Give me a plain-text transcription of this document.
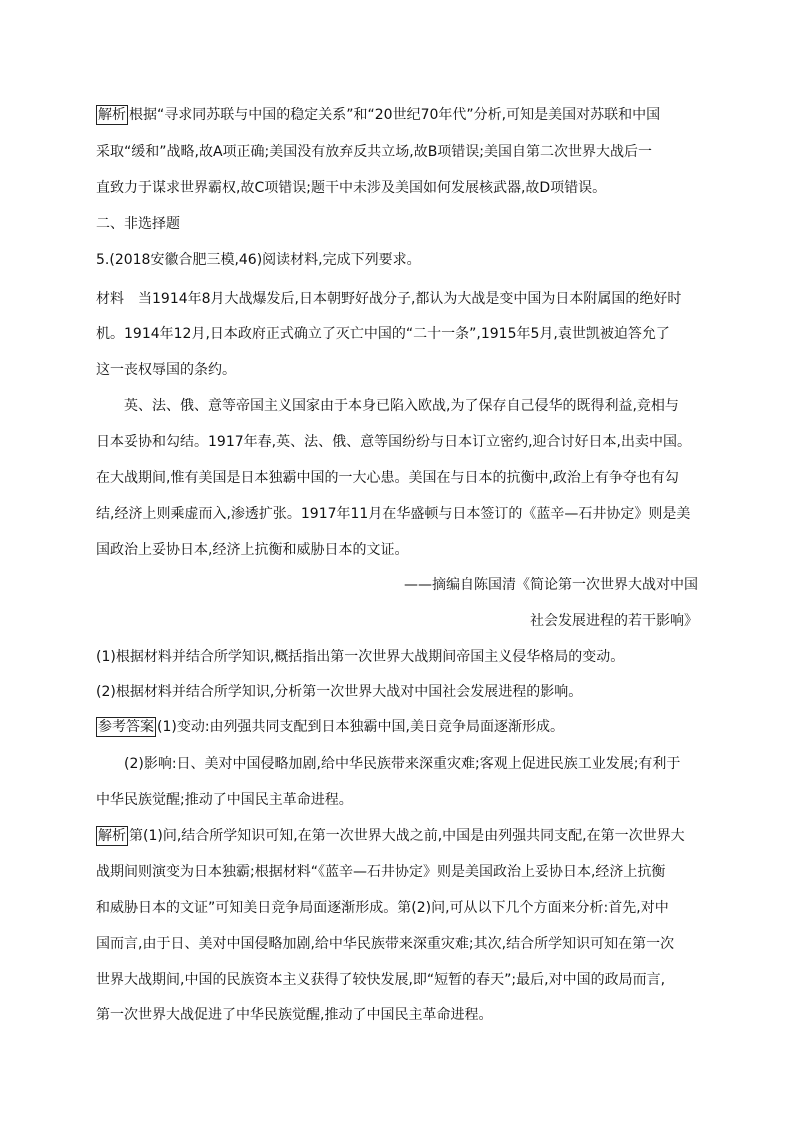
解析 根据“寻求同苏联与中国的稳定关系”和“20世纪70年代”分析,可知是美国对苏联和中国
采取“缓和”战略,故A项正确;美国没有放弃反共立场,故B项错误;美国自第二次世界大战后一
直致力于谋求世界霸权,故C项错误;题干中未涉及美国如何发展核武器,故D项错误。
二、非选择题
5.(2018安徽合肥三模,46)阅读材料,完成下列要求。
材料　当1914年8月大战爆发后,日本朝野好战分子,都认为大战是变中国为日本附属国的绝好时
机。1914年12月,日本政府正式确立了灭亡中国的“二十一条”,1915年5月,袁世凯被迫答允了
这一丧权辱国的条约。
英、法、俄、意等帝国主义国家由于本身已陷入欧战,为了保存自己侵华的既得利益,竞相与
日本妥协和勾结。1917年春,英、法、俄、意等国纷纷与日本订立密约,迎合讨好日本,出卖中国。
在大战期间,惟有美国是日本独霸中国的一大心患。美国在与日本的抗衡中,政治上有争夺也有勾
结,经济上则乘虚而入,渗透扩张。1917年11月在华盛顿与日本签订的《蓝辛—石井协定》则是美
国政治上妥协日本,经济上抗衡和威胁日本的文证。
——摘编自陈国清《简论第一次世界大战对中国
社会发展进程的若干影响》
(1)根据材料并结合所学知识,概括指出第一次世界大战期间帝国主义侵华格局的变动。
(2)根据材料并结合所学知识,分析第一次世界大战对中国社会发展进程的影响。
参考答案 (1)变动:由列强共同支配到日本独霸中国,美日竞争局面逐渐形成。
(2)影响:日、美对中国侵略加剧,给中华民族带来深重灾难;客观上促进民族工业发展;有利于
中华民族觉醒;推动了中国民主革命进程。
解析 第(1)问,结合所学知识可知,在第一次世界大战之前,中国是由列强共同支配,在第一次世界大
战期间则演变为日本独霸;根据材料“《蓝辛—石井协定》则是美国政治上妥协日本,经济上抗衡
和威胁日本的文证”可知美日竞争局面逐渐形成。第(2)问,可从以下几个方面来分析:首先,对中
国而言,由于日、美对中国侵略加剧,给中华民族带来深重灾难;其次,结合所学知识可知在第一次
世界大战期间,中国的民族资本主义获得了较快发展,即“短暂的春天”;最后,对中国的政局而言,
第一次世界大战促进了中华民族觉醒,推动了中国民主革命进程。
